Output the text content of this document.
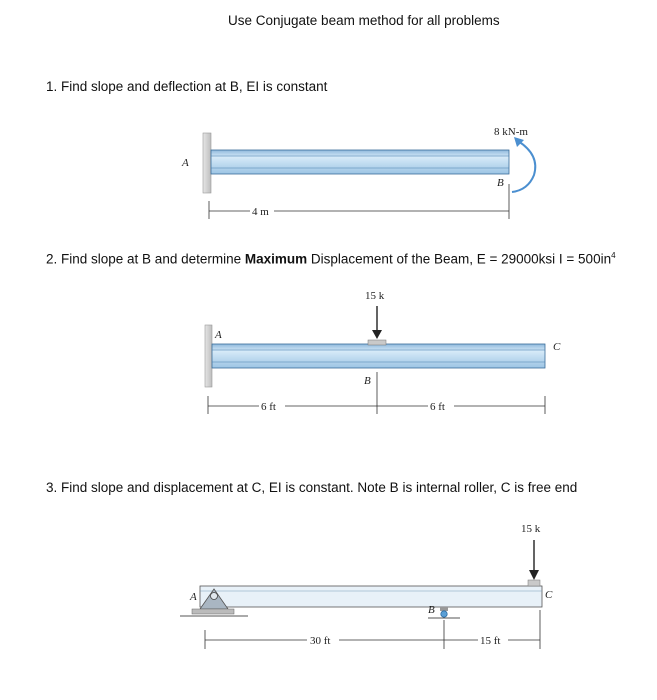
Use Conjugate beam method for all problems
1. Find slope and deflection at B, EI is constant
2. Find slope at B and determine Maximum Displacement of the Beam, E = 29000ksi $I = 500in^4$
3. Find slope and displacement at C, EI is constant. Note B is internal roller, C is free end
4 m
A
B
8 kN-m
15 k
6 ft	6 ft
A
B
C
15 k
30 ft	15 ft
A
B
C
